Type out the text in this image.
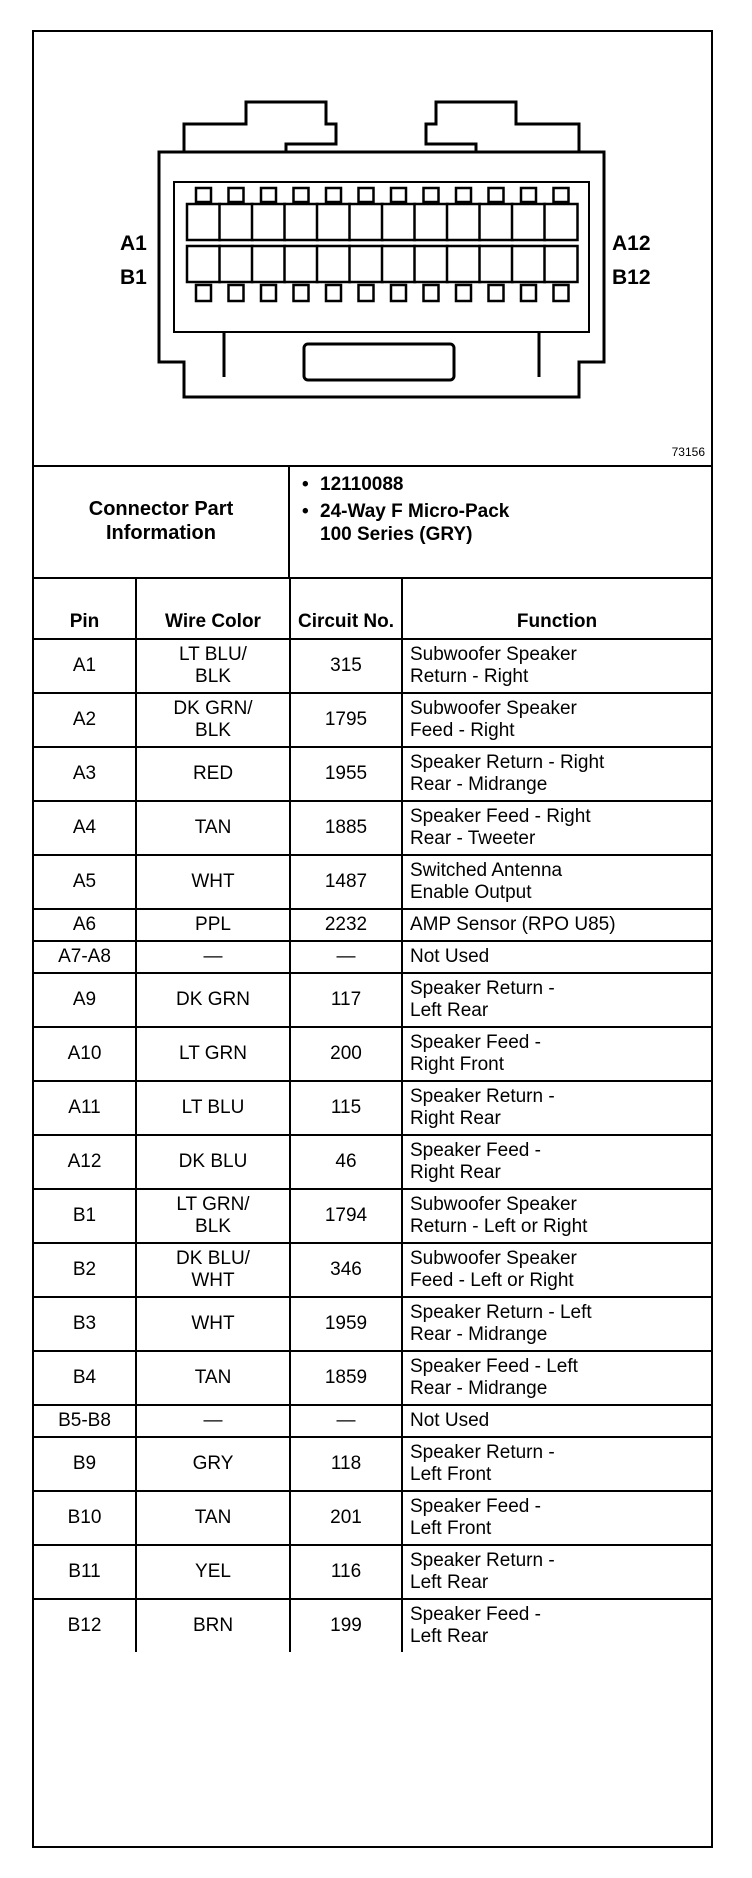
A1
B1
A12
B12
73156
Connector Part
Information
• 12110088
• 24-Way F Micro-Pack
100 Series (GRY)
Pin	Wire Color	Circuit No.	Function
A1	LT BLU/
BLK	315	Subwoofer Speaker
Return - Right
A2	DK GRN/
BLK	1795	Subwoofer Speaker
Feed - Right
A3	RED	1955	Speaker Return - Right
Rear - Midrange
A4	TAN	1885	Speaker Feed - Right
Rear - Tweeter
A5	WHT	1487	Switched Antenna
Enable Output
A6	PPL	2232	AMP Sensor (RPO U85)
A7-A8	—	—	Not Used
A9	DK GRN	117	Speaker Return -
Left Rear
A10	LT GRN	200	Speaker Feed -
Right Front
A11	LT BLU	115	Speaker Return -
Right Rear
A12	DK BLU	46	Speaker Feed -
Right Rear
B1	LT GRN/
BLK	1794	Subwoofer Speaker
Return - Left or Right
B2	DK BLU/
WHT	346	Subwoofer Speaker
Feed - Left or Right
B3	WHT	1959	Speaker Return - Left
Rear - Midrange
B4	TAN	1859	Speaker Feed - Left
Rear - Midrange
B5-B8	—	—	Not Used
B9	GRY	118	Speaker Return -
Left Front
B10	TAN	201	Speaker Feed -
Left Front
B11	YEL	116	Speaker Return -
Left Rear
B12	BRN	199	Speaker Feed -
Left Rear
